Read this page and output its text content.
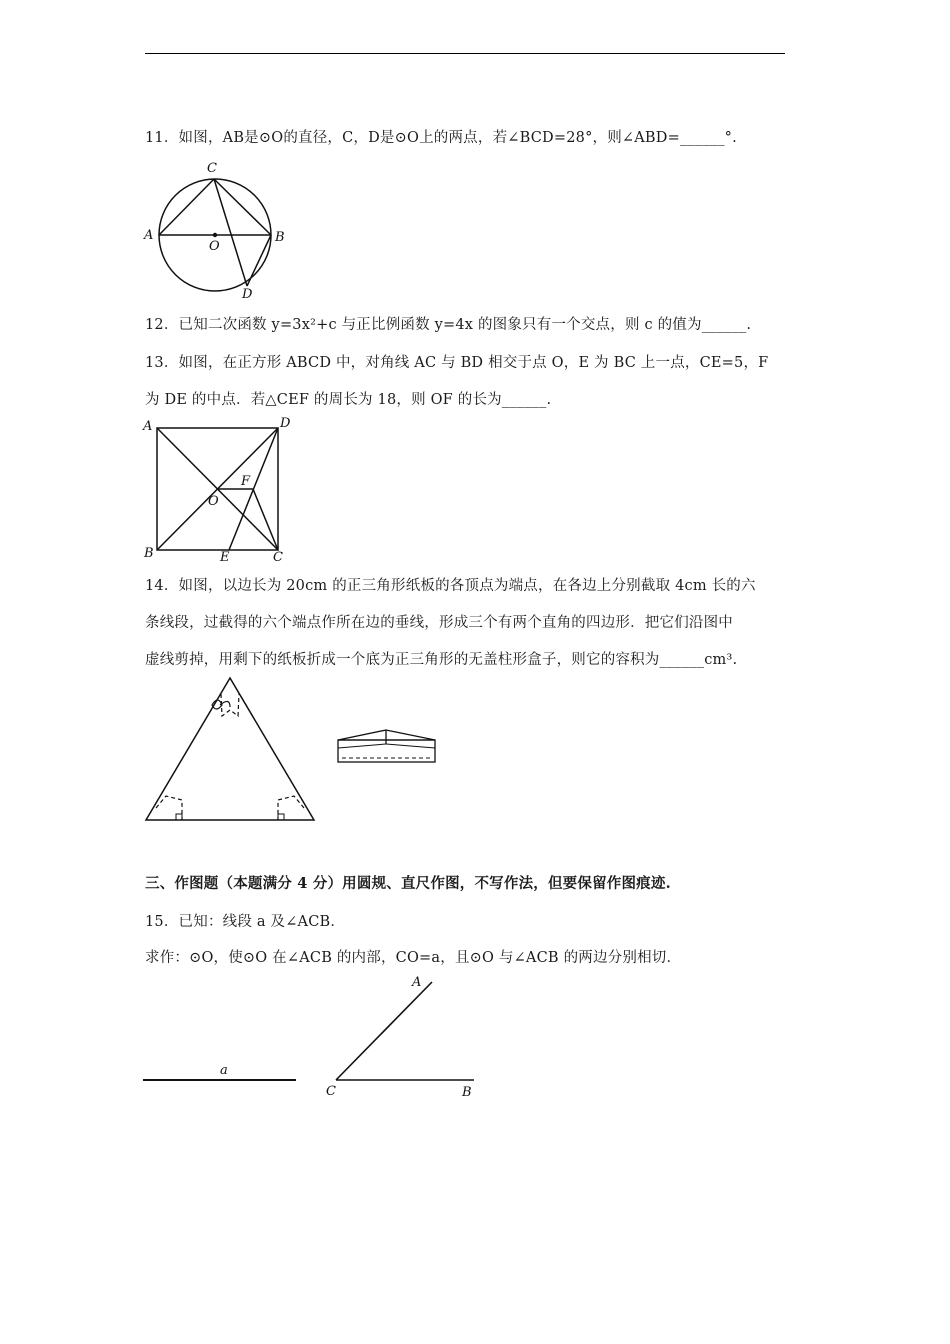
11．如图，AB是⊙O的直径，C，D是⊙O上的两点，若∠BCD=28°，则∠ABD=______°.
C
A	B
O
D
12．已知二次函数 y=3x²+c 与正比例函数 y=4x 的图象只有一个交点，则 c 的值为______.
13．如图，在正方形 ABCD 中，对角线 AC 与 BD 相交于点 O，E 为 BC 上一点，CE=5，F
为 DE 的中点．若△CEF 的周长为 18，则 OF 的长为______.
A	D
B	C
E
F
O
14．如图，以边长为 20cm 的正三角形纸板的各顶点为端点，在各边上分别截取 4cm 长的六
条线段，过截得的六个端点作所在边的垂线，形成三个有两个直角的四边形．把它们沿图中
虚线剪掉，用剩下的纸板折成一个底为正三角形的无盖柱形盒子，则它的容积为______cm³.
三、作图题（本题满分 4 分）用圆规、直尺作图，不写作法，但要保留作图痕迹.
15．已知：线段 a 及∠ACB．
求作：⊙O，使⊙O 在∠ACB 的内部，CO=a，且⊙O 与∠ACB 的两边分别相切．
a
A
C	B
